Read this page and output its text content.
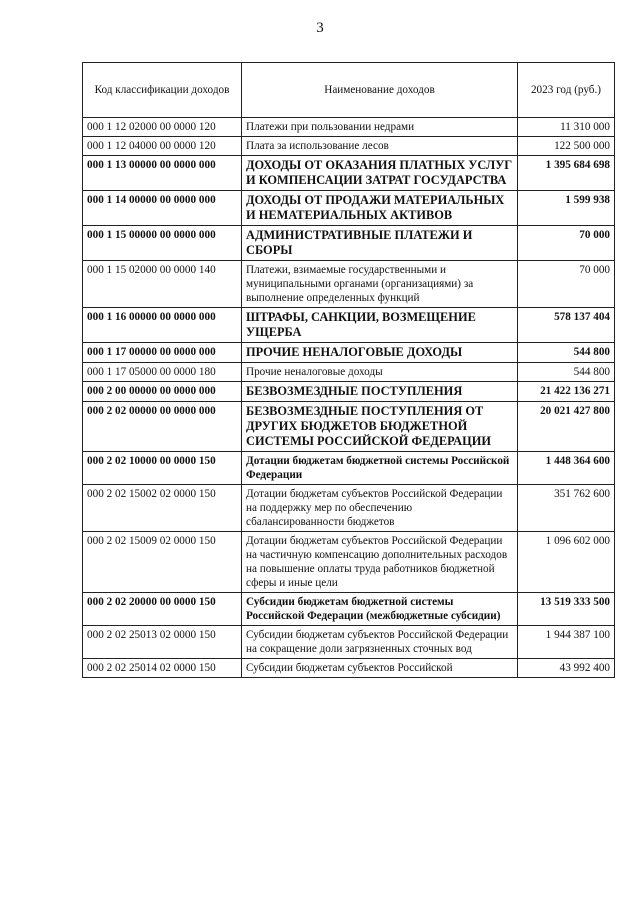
3
Код классификации доходов	Наименование доходов	2023 год (руб.)
000 1 12 02000 00 0000 120	Платежи при пользовании недрами	11 310 000
000 1 12 04000 00 0000 120	Плата за использование лесов	122 500 000
000 1 13 00000 00 0000 000	ДОХОДЫ ОТ ОКАЗАНИЯ ПЛАТНЫХ УСЛУГ И КОМПЕНСАЦИИ ЗАТРАТ ГОСУДАРСТВА	1 395 684 698
000 1 14 00000 00 0000 000	ДОХОДЫ ОТ ПРОДАЖИ МАТЕРИАЛЬНЫХ И НЕМАТЕРИАЛЬНЫХ АКТИВОВ	1 599 938
000 1 15 00000 00 0000 000	АДМИНИСТРАТИВНЫЕ ПЛАТЕЖИ И СБОРЫ	70 000
000 1 15 02000 00 0000 140	Платежи, взимаемые государственными и муниципальными органами (организациями) за выполнение определенных функций	70 000
000 1 16 00000 00 0000 000	ШТРАФЫ, САНКЦИИ, ВОЗМЕЩЕНИЕ УЩЕРБА	578 137 404
000 1 17 00000 00 0000 000	ПРОЧИЕ НЕНАЛОГОВЫЕ ДОХОДЫ	544 800
000 1 17 05000 00 0000 180	Прочие неналоговые доходы	544 800
000 2 00 00000 00 0000 000	БЕЗВОЗМЕЗДНЫЕ ПОСТУПЛЕНИЯ	21 422 136 271
000 2 02 00000 00 0000 000	БЕЗВОЗМЕЗДНЫЕ ПОСТУПЛЕНИЯ ОТ ДРУГИХ БЮДЖЕТОВ БЮДЖЕТНОЙ СИСТЕМЫ РОССИЙСКОЙ ФЕДЕРАЦИИ	20 021 427 800
000 2 02 10000 00 0000 150	Дотации бюджетам бюджетной системы Российской Федерации	1 448 364 600
000 2 02 15002 02 0000 150	Дотации бюджетам субъектов Российской Федерации на поддержку мер по обеспечению сбалансированности бюджетов	351 762 600
000 2 02 15009 02 0000 150	Дотации бюджетам субъектов Российской Федерации на частичную компенсацию дополнительных расходов на повышение оплаты труда работников бюджетной сферы и иные цели	1 096 602 000
000 2 02 20000 00 0000 150	Субсидии бюджетам бюджетной системы Российской Федерации (межбюджетные субсидии)	13 519 333 500
000 2 02 25013 02 0000 150	Субсидии бюджетам субъектов Российской Федерации на сокращение доли загрязненных сточных вод	1 944 387 100
000 2 02 25014 02 0000 150	Субсидии бюджетам субъектов Российской	43 992 400
